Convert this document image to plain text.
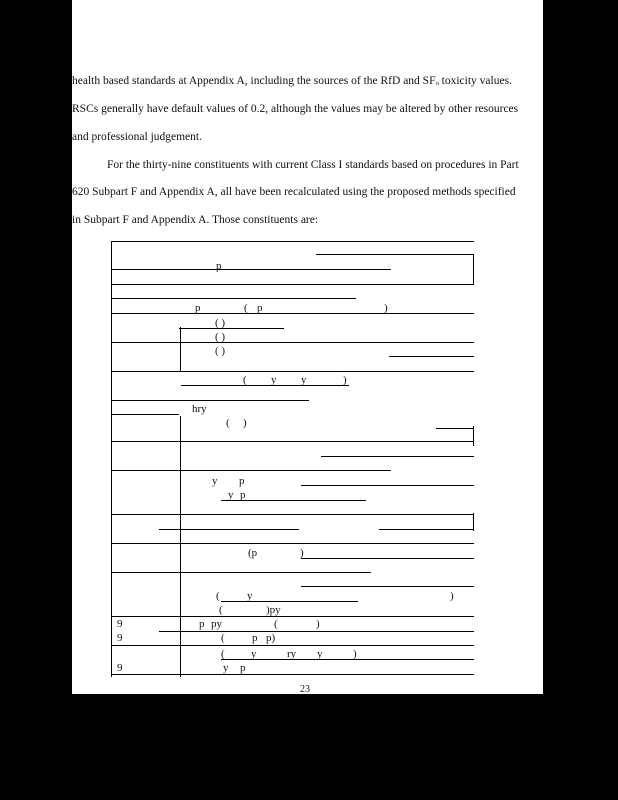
health based standards at Appendix A, including the sources of the RfD and SFₒ toxicity values.
RSCs generally have default values of 0.2, although the values may be altered by other resources
and professional judgement.
For the thirty-nine constituents with current Class I standards based on procedures in Part
620 Subpart F and Appendix A, all have been recalculated using the proposed methods specified
in Subpart F and Appendix A. Those constituents are:
p
p	( p	)
( )
( )
( )
( y y	)
hry
( )
y p
y p
(p	)
( y	)
(	)py
9	p py	(	)
9	( p p)
( y	ry y	)
9	y p
23
